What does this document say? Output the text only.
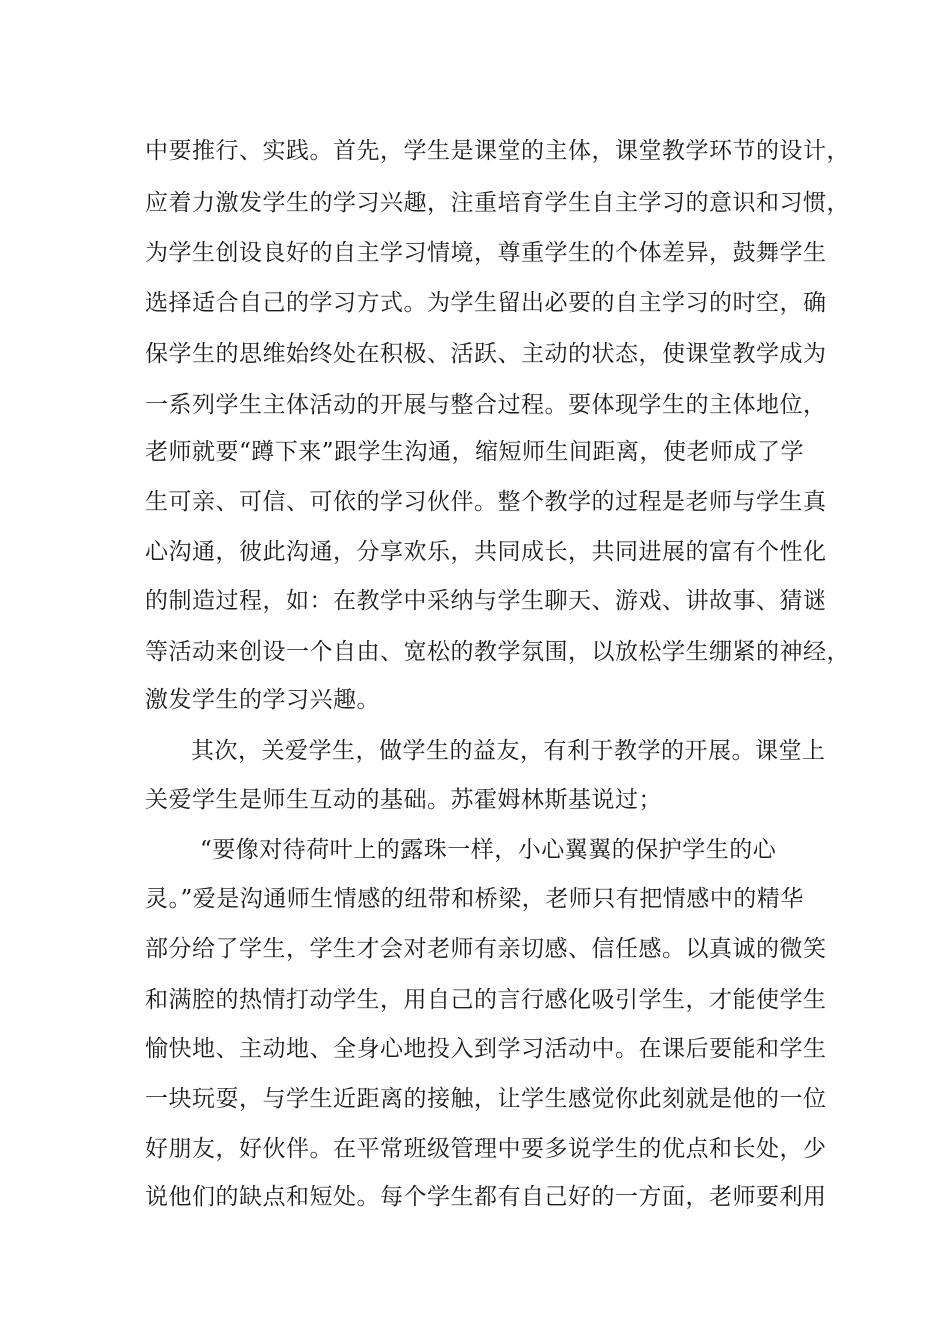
中要推行、实践。首先，学生是课堂的主体，课堂教学环节的设计，
应着力激发学生的学习兴趣，注重培育学生自主学习的意识和习惯，
为学生创设良好的自主学习情境，尊重学生的个体差异，鼓舞学生
选择适合自己的学习方式。为学生留出必要的自主学习的时空，确
保学生的思维始终处在积极、活跃、主动的状态，使课堂教学成为
一系列学生主体活动的开展与整合过程。要体现学生的主体地位，
老师就要“蹲下来”跟学生沟通，缩短师生间距离，使老师成了学
生可亲、可信、可依的学习伙伴。整个教学的过程是老师与学生真
心沟通，彼此沟通，分享欢乐，共同成长，共同进展的富有个性化
的制造过程，如：在教学中采纳与学生聊天、游戏、讲故事、猜谜
等活动来创设一个自由、宽松的教学氛围，以放松学生绷紧的神经，
激发学生的学习兴趣。
其次，关爱学生，做学生的益友，有利于教学的开展。课堂上
关爱学生是师生互动的基础。苏霍姆林斯基说过；
“要像对待荷叶上的露珠一样，小心翼翼的保护学生的心
灵。”爱是沟通师生情感的纽带和桥梁，老师只有把情感中的精华
部分给了学生，学生才会对老师有亲切感、信任感。以真诚的微笑
和满腔的热情打动学生，用自己的言行感化吸引学生，才能使学生
愉快地、主动地、全身心地投入到学习活动中。在课后要能和学生
一块玩耍，与学生近距离的接触，让学生感觉你此刻就是他的一位
好朋友，好伙伴。在平常班级管理中要多说学生的优点和长处，少
说他们的缺点和短处。每个学生都有自己好的一方面，老师要利用
